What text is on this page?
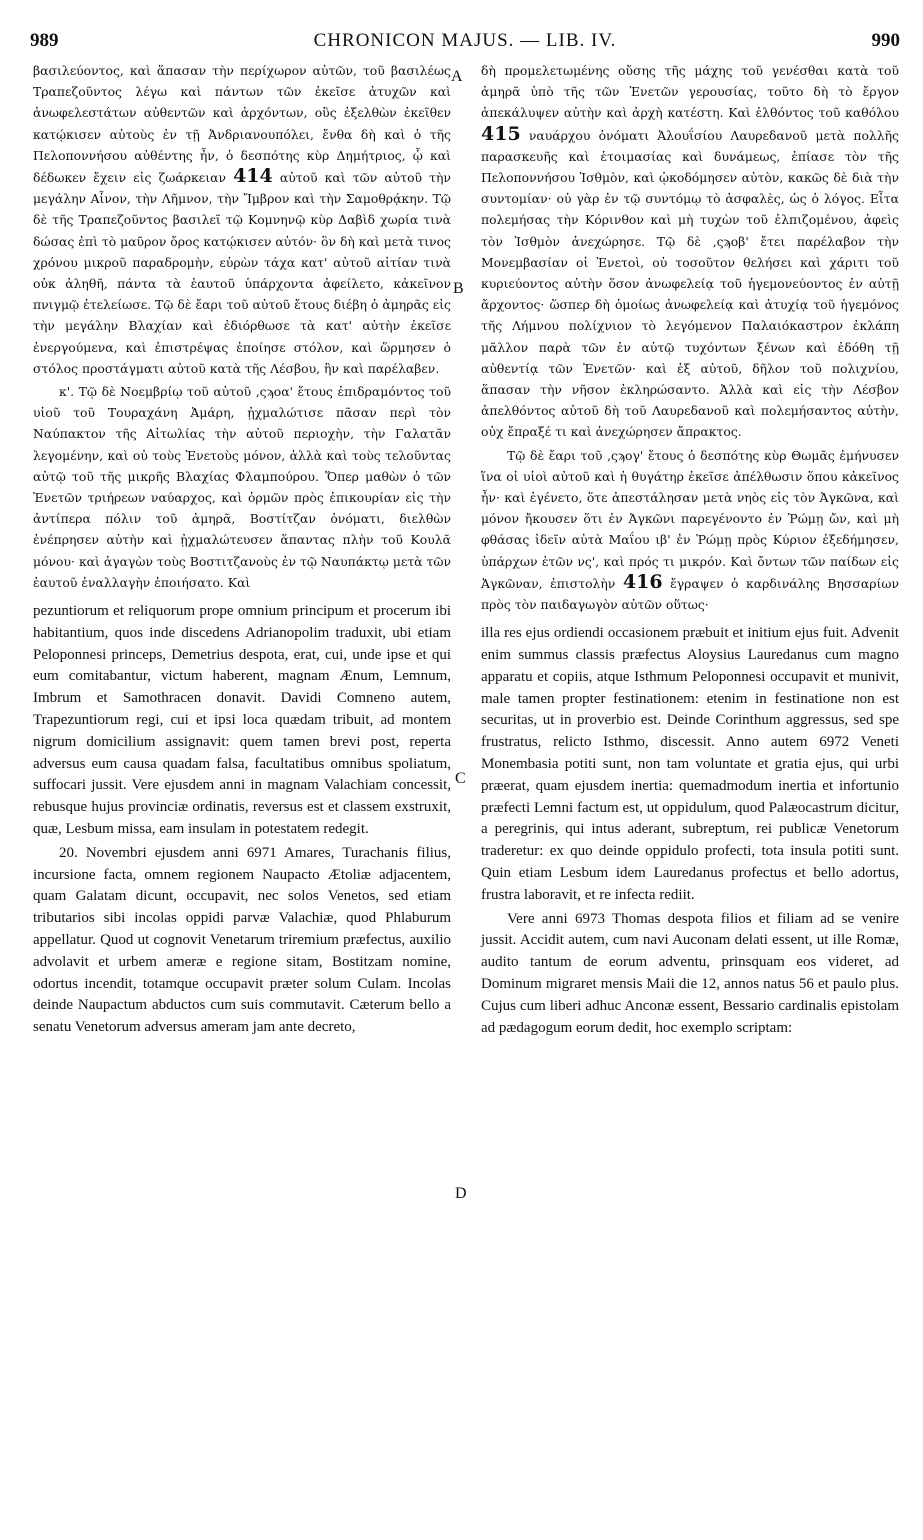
989	CHRONICON MAJUS. — LIB. IV.	990
A
B
C
D

βασιλεύοντος, καὶ ἅπασαν τὴν περίχωρον αὐτῶν, τοῦ βασιλέως Τραπεζοῦντος λέγω καὶ πάντων τῶν ἐκεῖσε ἀτυχῶν καὶ ἀνωφελεστάτων αὐθεντῶν καὶ ἀρχόντων, οὓς ἐξελθὼν ἐκεῖθεν κατῴκισεν αὐτοὺς ἐν τῇ Ἀνδριανουπόλει, ἔνθα δὴ καὶ ὁ τῆς Πελοποννήσου αὐθέντης ἦν, ὁ δεσπότης κὺρ Δημήτριος, ᾧ καὶ δέδωκεν ἔχειν εἰς ζωάρκειαν 414 αὐτοῦ καὶ τῶν αὐτοῦ τὴν μεγάλην Αἶνον, τὴν Λῆμνον, τὴν Ἴμβρον καὶ τὴν Σαμοθρᾴκην. Τῷ δὲ τῆς Τραπεζοῦντος βασιλεῖ τῷ Κομνηνῷ κὺρ Δαβὶδ χωρία τινὰ δώσας ἐπὶ τὸ μαῦρον ὄρος κατῴκισεν αὐτόν· ὃν δὴ καὶ μετὰ τινος χρόνου μικροῦ παραδρομὴν, εὑρὼν τάχα κατ' αὐτοῦ αἰτίαν τινὰ οὐκ ἀληθῆ, πάντα τὰ ἑαυτοῦ ὑπάρχοντα ἀφείλετο, κἀκεῖνον πνιγμῷ ἐτελείωσε. Τῷ δὲ ἔαρι τοῦ αὐτοῦ ἔτους διέβη ὁ ἀμηρᾶς εἰς τὴν μεγάλην Βλαχίαν καὶ ἐδιόρθωσε τὰ κατ' αὐτὴν ἐκεῖσε ἐνεργούμενα, καὶ ἐπιστρέψας ἐποίησε στόλον, καὶ ὥρμησεν ὁ στόλος προστάγματι αὐτοῦ κατὰ τῆς Λέσβου, ἣν καὶ παρέλαβεν.

κ'. Τῷ δὲ Νοεμβρίῳ τοῦ αὐτοῦ ‚ςϡοα' ἔτους ἐπιδραμόντος τοῦ υἱοῦ τοῦ Τουραχάνη Ἀμάρη, ᾐχμαλώτισε πᾶσαν περὶ τὸν Ναύπακτον τῆς Αἰτωλίας τὴν αὐτοῦ περιοχὴν, τὴν Γαλατᾶν λεγομένην, καὶ οὐ τοὺς Ἐνετοὺς μόνον, ἀλλὰ καὶ τοὺς τελοῦντας αὐτῷ τοῦ τῆς μικρῆς Βλαχίας Φλαμπούρου. Ὅπερ μαθὼν ὁ τῶν Ἐνετῶν τριήρεων ναύαρχος, καὶ ὁρμῶν πρὸς ἐπικουρίαν εἰς τὴν ἀντίπερα πόλιν τοῦ ἀμηρᾶ, Βοστίτζαν ὀνόματι, διελθὼν ἐνέπρησεν αὐτὴν καὶ ᾐχμαλώτευσεν ἅπαντας πλὴν τοῦ Κουλᾶ μόνου· καὶ ἀγαγὼν τοὺς Βοστιτζανοὺς ἐν τῷ Ναυπάκτῳ μετὰ τῶν ἑαυτοῦ ἐναλλαγὴν ἐποιήσατο. Καὶ

pezuntiorum et reliquorum prope omnium principum et procerum ibi habitantium, quos inde discedens Adrianopolim traduxit, ubi etiam Peloponnesi princeps, Demetrius despota, erat, cui, unde ipse et qui eum comitabantur, victum haberent, magnam Ænum, Lemnum, Imbrum et Samothracen donavit. Davidi Comneno autem, Trapezuntiorum regi, cui et ipsi loca quædam tribuit, ad montem nigrum domicilium assignavit: quem tamen brevi post, reperta adversus eum causa quadam falsa, facultatibus omnibus spoliatum, suffocari jussit. Vere ejusdem anni in magnam Valachiam concessit, rebusque hujus provinciæ ordinatis, reversus est et classem exstruxit, quæ, Lesbum missa, eam insulam in potestatem redegit.

20. Novembri ejusdem anni 6971 Amares, Turachanis filius, incursione facta, omnem regionem Naupacto Ætoliæ adjacentem, quam Galatam dicunt, occupavit, nec solos Venetos, sed etiam tributarios sibi incolas oppidi parvæ Valachiæ, quod Phlaburum appellatur. Quod ut cognovit Venetarum triremium præfectus, auxilio advolavit et urbem ameræ e regione sitam, Bostitzam nomine, odortus incendit, totamque occupavit præter solum Culam. Incolas deinde Naupactum abductos cum suis commutavit. Cæterum bello a senatu Venetorum adversus ameram jam ante decreto,

δὴ προμελετωμένης οὔσης τῆς μάχης τοῦ γενέσθαι κατὰ τοῦ ἀμηρᾶ ὑπὸ τῆς τῶν Ἐνετῶν γερουσίας, τοῦτο δὴ τὸ ἔργον ἀπεκάλυψεν αὐτὴν καὶ ἀρχὴ κατέστη. Καὶ ἐλθόντος τοῦ καθόλου 415 ναυάρχου ὀνόματι Ἀλουΐσίου Λαυρεδανοῦ μετὰ πολλῆς παρασκευῆς καὶ ἑτοιμασίας καὶ δυνάμεως, ἐπίασε τὸν τῆς Πελοποννήσου Ἰσθμὸν, καὶ ᾠκοδόμησεν αὐτὸν, κακῶς δὲ διὰ τὴν συντομίαν· οὐ γὰρ ἐν τῷ συντόμῳ τὸ ἀσφαλὲς, ὡς ὁ λόγος. Εἶτα πολεμήσας τὴν Κόρινθον καὶ μὴ τυχὼν τοῦ ἐλπιζομένου, ἀφεὶς τὸν Ἰσθμὸν ἀνεχώρησε. Τῷ δὲ ‚ςϡοβ' ἔτει παρέλαβον τὴν Μονεμβασίαν οἱ Ἐνετοὶ, οὐ τοσοῦτον θελήσει καὶ χάριτι τοῦ κυριεύοντος αὐτὴν ὅσον ἀνωφελείᾳ τοῦ ἡγεμονεύοντος ἐν αὐτῇ ἄρχοντος· ὥσπερ δὴ ὁμοίως ἀνωφελείᾳ καὶ ἀτυχίᾳ τοῦ ἡγεμόνος τῆς Λήμνου πολίχνιον τὸ λεγόμενον Παλαιόκαστρον ἐκλάπη μᾶλλον παρὰ τῶν ἐν αὐτῷ τυχόντων ξένων καὶ ἐδόθη τῇ αὐθεντίᾳ τῶν Ἐνετῶν· καὶ ἐξ αὐτοῦ, δῆλον τοῦ πολιχνίου, ἅπασαν τὴν νῆσον ἐκληρώσαντο. Ἀλλὰ καὶ εἰς τὴν Λέσβον ἀπελθόντος αὐτοῦ δὴ τοῦ Λαυρεδανοῦ καὶ πολεμήσαντος αὐτὴν, οὐχ ἔπραξέ τι καὶ ἀνεχώρησεν ἄπρακτος.

Τῷ δὲ ἔαρι τοῦ ‚ςϡογ' ἔτους ὁ δεσπότης κὺρ Θωμᾶς ἐμήνυσεν ἵνα οἱ υἱοὶ αὐτοῦ καὶ ἡ θυγάτηρ ἐκεῖσε ἀπέλθωσιν ὅπου κἀκεῖνος ἦν· καὶ ἐγένετο, ὅτε ἀπεστάλησαν μετὰ νηὸς εἰς τὸν Ἀγκῶνα, καὶ μόνον ἤκουσεν ὅτι ἐν Ἀγκῶνι παρεγένοντο ἐν Ῥώμῃ ὤν, καὶ μὴ φθάσας ἰδεῖν αὐτὰ Μαΐου ιβ' ἐν Ῥώμῃ πρὸς Κύριον ἐξεδήμησεν, ὑπάρχων ἐτῶν νς', καὶ πρός τι μικρόν. Καὶ ὄντων τῶν παίδων εἰς Ἀγκῶναν, ἐπιστολὴν 416 ἔγραψεν ὁ καρδινάλης Βησσαρίων πρὸς τὸν παιδαγωγὸν αὐτῶν οὕτως·

illa res ejus ordiendi occasionem præbuit et initium ejus fuit. Advenit enim summus classis præfectus Aloysius Lauredanus cum magno apparatu et copiis, atque Isthmum Peloponnesi occupavit et munivit, male tamen propter festinationem: etenim in festinatione non est securitas, ut in proverbio est. Deinde Corinthum aggressus, sed spe frustratus, relicto Isthmo, discessit. Anno autem 6972 Veneti Monembasia potiti sunt, non tam voluntate et gratia ejus, qui urbi præerat, quam ejusdem inertia: quemadmodum inertia et infortunio præfecti Lemni factum est, ut oppidulum, quod Palæocastrum dicitur, a peregrinis, qui intus aderant, subreptum, rei publicæ Venetorum traderetur: ex quo deinde oppidulo profecti, tota insula potiti sunt. Quin etiam Lesbum idem Lauredanus profectus et bello adortus, frustra laboravit, et re infecta rediit.

Vere anni 6973 Thomas despota filios et filiam ad se venire jussit. Accidit autem, cum navi Auconam delati essent, ut ille Romæ, audito tantum de eorum adventu, prinsquam eos videret, ad Dominum migraret mensis Maii die 12, annos natus 56 et paulo plus. Cujus cum liberi adhuc Anconæ essent, Bessario cardinalis epistolam ad pædagogum eorum dedit, hoc exemplo scriptam:
